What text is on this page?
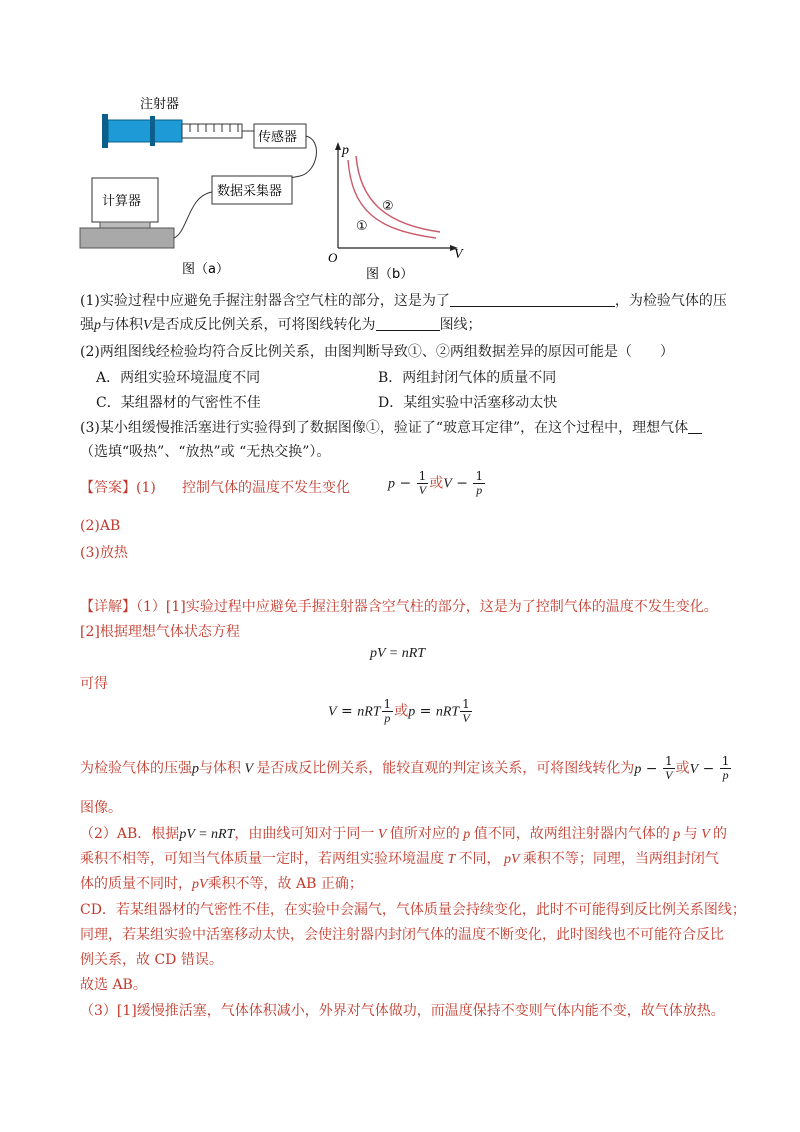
注射器
传感器
数据采集器
计算器
图（a）
p
V
O
①
②
图（b）
(1)实验过程中应避免手握注射器含空气柱的部分，这是为了	，为检验气体的压
强p与体积V是否成反比例关系，可将图线转化为	图线；
(2)两组图线经检验均符合反比例关系，由图判断导致①、②两组数据差异的原因可能是（　　）
A．两组实验环境温度不同	B．两组封闭气体的质量不同
C．某组器材的气密性不佳	D．某组实验中活塞移动太快
(3)某小组缓慢推活塞进行实验得到了数据图像①，验证了“玻意耳定律”，在这个过程中，理想气体
（选填“吸热”、“放热”或 “无热交换”）。
【答案】(1) 控制气体的温度不发生变化	$p - \frac{1}{V}$ 或$V - \frac{1}{p}$
(2)AB
(3)放热
【详解】（1）[1]实验过程中应避免手握注射器含空气柱的部分，这是为了控制气体的温度不发生变化。
[2]根据理想气体状态方程
pV = nRT
可得
V = nRT $\frac{1}{p}$ 或p = nRT $\frac{1}{V}$
为检验气体的压强p与体积 V 是否成反比例关系，能较直观的判定该关系，可将图线转化为$p - \frac{1}{V}$ 或$V - \frac{1}{p}$
图像。
（2）AB．根据pV = nRT，由曲线可知对于同一 V 值所对应的 p 值不同，故两组注射器内气体的 p 与 V 的
乘积不相等，可知当气体质量一定时，若两组实验环境温度 T 不同， pV 乘积不等；同理，当两组封闭气
体的质量不同时，pV乘积不等，故 AB 正确；
CD．若某组器材的气密性不佳，在实验中会漏气，气体质量会持续变化，此时不可能得到反比例关系图线；
同理，若某组实验中活塞移动太快，会使注射器内封闭气体的温度不断变化，此时图线也不可能符合反比
例关系，故 CD 错误。
故选 AB。
（3）[1]缓慢推活塞，气体体积减小，外界对气体做功，而温度保持不变则气体内能不变，故气体放热。
